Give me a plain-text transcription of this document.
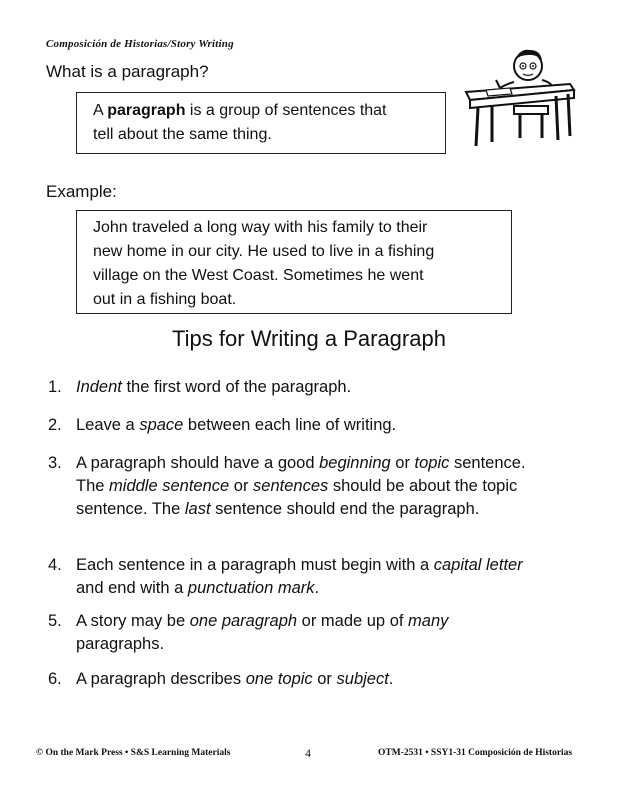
Composición de Historias/Story Writing
What is a paragraph?
A paragraph is a group of sentences that
tell about the same thing.
Example:
John traveled a long way with his family to their
new home in our city. He used to live in a fishing
village on the West Coast. Sometimes he went
out in a fishing boat.
Tips for Writing a Paragraph
1. Indent the first word of the paragraph.
2. Leave a space between each line of writing.
3. A paragraph should have a good beginning or topic sentence. The middle sentence or sentences should be about the topic sentence. The last sentence should end the paragraph.
4. Each sentence in a paragraph must begin with a capital letter and end with a punctuation mark.
5. A story may be one paragraph or made up of many paragraphs.
6. A paragraph describes one topic or subject.
© On the Mark Press • S&S Learning Materials	4	OTM-2531 • SSY1-31 Composición de Historias
